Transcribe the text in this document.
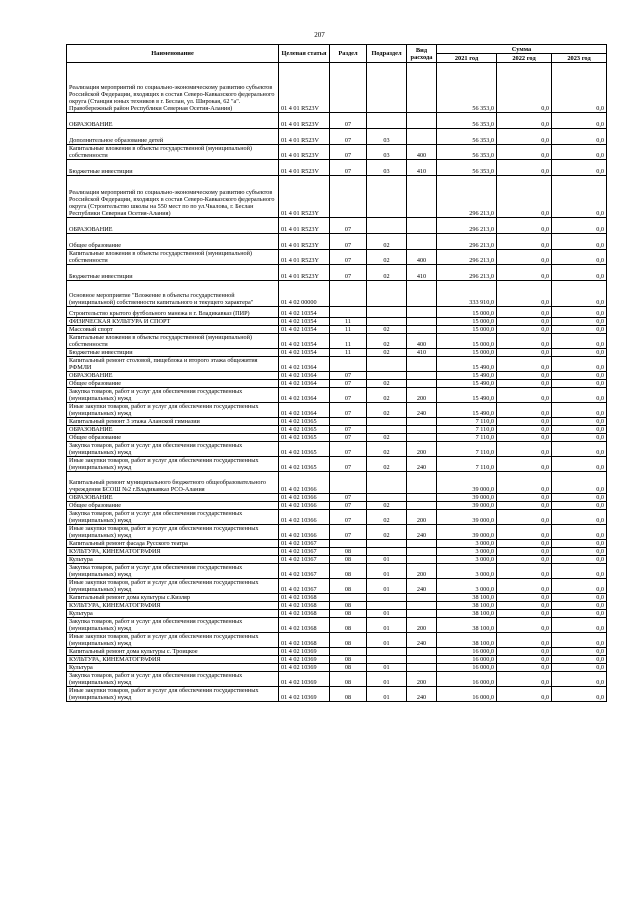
207
Наименование	Целевая статья	Раздел	Подраздел	Вид расхода	Сумма		
					2021 год	2022 год	2023 год
Реализация мероприятий по социально-экономическому развитию субъектов Российской Федерации, входящих в состав Северо-Кавказского федерального округа (Станция юных техников в г. Беслан, ул. Широкая, 62 "а". Правобережный район Республики Северная Осетия-Алания)	01 4 01 R523V				56 353,0	0,0	0,0
ОБРАЗОВАНИЕ	01 4 01 R523V	07			56 353,0	0,0	0,0
Дополнительное образование детей	01 4 01 R523V	07	03		56 353,0	0,0	0,0
Капитальные вложения в объекты государственной (муниципальной) собственности	01 4 01 R523V	07	03	400	56 353,0	0,0	0,0
Бюджетные инвестиции	01 4 01 R523V	07	03	410	56 353,0	0,0	0,0
Реализация мероприятий по социально-экономическому развитию субъектов Российской Федерации, входящих в состав Северо-Кавказского федерального округа (Строительство школы на 550 мест по по ул.Чкалова, г. Беслан Республики Северная Осетия-Алания)	01 4 01 R523Y				296 213,0	0,0	0,0
ОБРАЗОВАНИЕ	01 4 01 R523Y	07			296 213,0	0,0	0,0
Общее образование	01 4 01 R523Y	07	02		296 213,0	0,0	0,0
Капитальные вложения в объекты государственной (муниципальной) собственности	01 4 01 R523Y	07	02	400	296 213,0	0,0	0,0
Бюджетные инвестиции	01 4 01 R523Y	07	02	410	296 213,0	0,0	0,0
Основное мероприятие "Вложение в объекты государственной (муниципальной) собственности капитального и текущего характера"	01 4 02 00000				333 910,0	0,0	0,0
Строительство крытого футбольного манежа в г. Владикавказ (ПИР)	01 4 02 10354				15 000,0	0,0	0,0
ФИЗИЧЕСКАЯ КУЛЬТУРА И СПОРТ	01 4 02 10354	11			15 000,0	0,0	0,0
Массовый спорт	01 4 02 10354	11	02		15 000,0	0,0	0,0
Капитальные вложения в объекты государственной (муниципальной) собственности	01 4 02 10354	11	02	400	15 000,0	0,0	0,0
Бюджетные инвестиции	01 4 02 10354	11	02	410	15 000,0	0,0	0,0
Капитальный ремонт столовой, пищеблока и второго этажа общежития РФМЛИ	01 4 02 10364				15 490,0	0,0	0,0
ОБРАЗОВАНИЕ	01 4 02 10364	07			15 490,0	0,0	0,0
Общее образование	01 4 02 10364	07	02		15 490,0	0,0	0,0
Закупка товаров, работ и услуг для обеспечения государственных (муниципальных) нужд	01 4 02 10364	07	02	200	15 490,0	0,0	0,0
Иные закупки товаров, работ и услуг для обеспечения государственных (муниципальных) нужд	01 4 02 10364	07	02	240	15 490,0	0,0	0,0
Капитальный ремонт 3 этажа Аланской гимназии	01 4 02 10365				7 110,0	0,0	0,0
ОБРАЗОВАНИЕ	01 4 02 10365	07			7 110,0	0,0	0,0
Общее образование	01 4 02 10365	07	02		7 110,0	0,0	0,0
Закупка товаров, работ и услуг для обеспечения государственных (муниципальных) нужд	01 4 02 10365	07	02	200	7 110,0	0,0	0,0
Иные закупки товаров, работ и услуг для обеспечения государственных (муниципальных) нужд	01 4 02 10365	07	02	240	7 110,0	0,0	0,0
Капитальный ремонт муниципального бюджетного общеобразовательного учреждения БСОШ №2 г.Владикавказ РСО-Алания	01 4 02 10366				39 000,0	0,0	0,0
ОБРАЗОВАНИЕ	01 4 02 10366	07			39 000,0	0,0	0,0
Общее образование	01 4 02 10366	07	02		39 000,0	0,0	0,0
Закупка товаров, работ и услуг для обеспечения государственных (муниципальных) нужд	01 4 02 10366	07	02	200	39 000,0	0,0	0,0
Иные закупки товаров, работ и услуг для обеспечения государственных (муниципальных) нужд	01 4 02 10366	07	02	240	39 000,0	0,0	0,0
Капитальный ремонт фасада Русского театра	01 4 02 10367				3 000,0	0,0	0,0
КУЛЬТУРА, КИНЕМАТОГРАФИЯ	01 4 02 10367	08			3 000,0	0,0	0,0
Культура	01 4 02 10367	08	01		3 000,0	0,0	0,0
Закупка товаров, работ и услуг для обеспечения государственных (муниципальных) нужд	01 4 02 10367	08	01	200	3 000,0	0,0	0,0
Иные закупки товаров, работ и услуг для обеспечения государственных (муниципальных) нужд	01 4 02 10367	08	01	240	3 000,0	0,0	0,0
Капитальный ремонт дома культуры с.Кизляр	01 4 02 10368				38 100,0	0,0	0,0
КУЛЬТУРА, КИНЕМАТОГРАФИЯ	01 4 02 10368	08			38 100,0	0,0	0,0
Культура	01 4 02 10368	08	01		38 100,0	0,0	0,0
Закупка товаров, работ и услуг для обеспечения государственных (муниципальных) нужд	01 4 02 10368	08	01	200	38 100,0	0,0	0,0
Иные закупки товаров, работ и услуг для обеспечения государственных (муниципальных) нужд	01 4 02 10368	08	01	240	38 100,0	0,0	0,0
Капитальный ремонт дома культуры с. Троицкое	01 4 02 10369				16 000,0	0,0	0,0
КУЛЬТУРА, КИНЕМАТОГРАФИЯ	01 4 02 10369	08			16 000,0	0,0	0,0
Культура	01 4 02 10369	08	01		16 000,0	0,0	0,0
Закупка товаров, работ и услуг для обеспечения государственных (муниципальных) нужд	01 4 02 10369	08	01	200	16 000,0	0,0	0,0
Иные закупки товаров, работ и услуг для обеспечения государственных (муниципальных) нужд	01 4 02 10369	08	01	240	16 000,0	0,0	0,0
